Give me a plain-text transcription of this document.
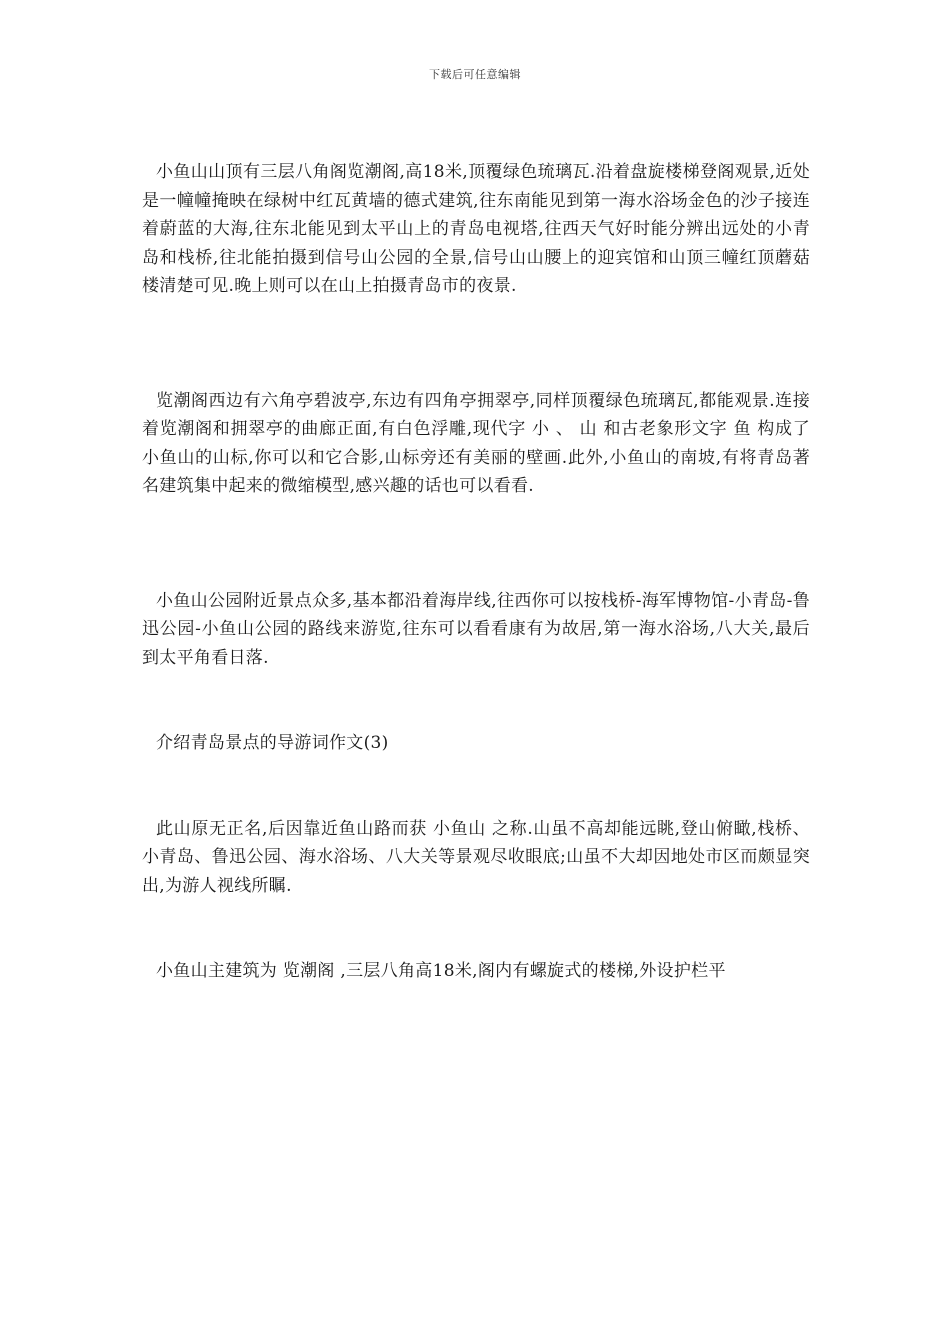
下载后可任意编辑

小鱼山山顶有三层八角阁览潮阁,高18米,顶覆绿色琉璃瓦.沿着盘旋楼梯登阁观景,近处是一幢幢掩映在绿树中红瓦黄墙的德式建筑,往东南能见到第一海水浴场金色的沙子接连着蔚蓝的大海,往东北能见到太平山上的青岛电视塔,往西天气好时能分辨出远处的小青岛和栈桥,往北能拍摄到信号山公园的全景,信号山山腰上的迎宾馆和山顶三幢红顶蘑菇楼清楚可见.晚上则可以在山上拍摄青岛市的夜景.

览潮阁西边有六角亭碧波亭,东边有四角亭拥翠亭,同样顶覆绿色琉璃瓦,都能观景.连接着览潮阁和拥翠亭的曲廊正面,有白色浮雕,现代字 小 、 山 和古老象形文字 鱼 构成了小鱼山的山标,你可以和它合影,山标旁还有美丽的壁画.此外,小鱼山的南坡,有将青岛著名建筑集中起来的微缩模型,感兴趣的话也可以看看.

小鱼山公园附近景点众多,基本都沿着海岸线,往西你可以按栈桥-海军博物馆-小青岛-鲁迅公园-小鱼山公园的路线来游览,往东可以看看康有为故居,第一海水浴场,八大关,最后到太平角看日落.

介绍青岛景点的导游词作文(3)

此山原无正名,后因靠近鱼山路而获 小鱼山 之称.山虽不高却能远眺,登山俯瞰,栈桥、小青岛、鲁迅公园、海水浴场、八大关等景观尽收眼底;山虽不大却因地处市区而颇显突出,为游人视线所瞩.

小鱼山主建筑为 览潮阁 ,三层八角高18米,阁内有螺旋式的楼梯,外设护栏平
